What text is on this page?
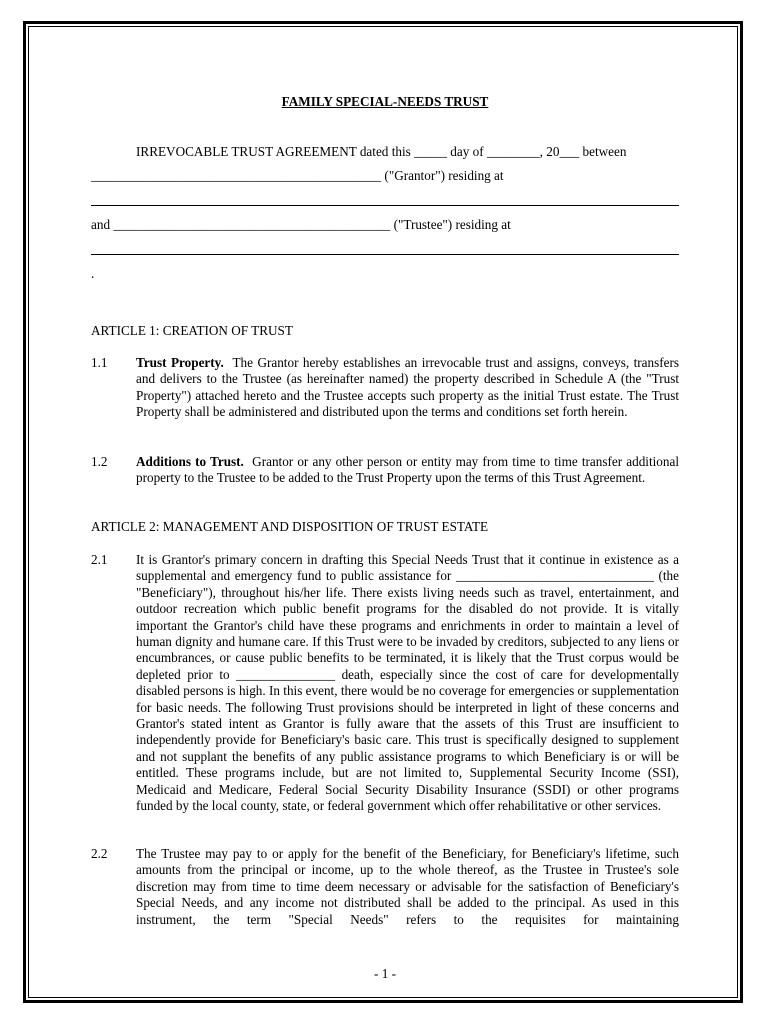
FAMILY SPECIAL-NEEDS TRUST
IRREVOCABLE TRUST AGREEMENT dated this _____ day of ________, 20___ between
____________________________________________ ("Grantor") residing at
and __________________________________________ ("Trustee") residing at
.
ARTICLE 1: CREATION OF TRUST
1.1 Trust Property. The Grantor hereby establishes an irrevocable trust and assigns, conveys, transfers and delivers to the Trustee (as hereinafter named) the property described in Schedule A (the "Trust Property") attached hereto and the Trustee accepts such property as the initial Trust estate. The Trust Property shall be administered and distributed upon the terms and conditions set forth herein.
1.2 Additions to Trust. Grantor or any other person or entity may from time to time transfer additional property to the Trustee to be added to the Trust Property upon the terms of this Trust Agreement.
ARTICLE 2: MANAGEMENT AND DISPOSITION OF TRUST ESTATE
2.1 It is Grantor's primary concern in drafting this Special Needs Trust that it continue in existence as a supplemental and emergency fund to public assistance for ______________________________ (the "Beneficiary"), throughout his/her life. There exists living needs such as travel, entertainment, and outdoor recreation which public benefit programs for the disabled do not provide. It is vitally important the Grantor's child have these programs and enrichments in order to maintain a level of human dignity and humane care. If this Trust were to be invaded by creditors, subjected to any liens or encumbrances, or cause public benefits to be terminated, it is likely that the Trust corpus would be depleted prior to _______________ death, especially since the cost of care for developmentally disabled persons is high. In this event, there would be no coverage for emergencies or supplementation for basic needs. The following Trust provisions should be interpreted in light of these concerns and Grantor's stated intent as Grantor is fully aware that the assets of this Trust are insufficient to independently provide for Beneficiary's basic care. This trust is specifically designed to supplement and not supplant the benefits of any public assistance programs to which Beneficiary is or will be entitled. These programs include, but are not limited to, Supplemental Security Income (SSI), Medicaid and Medicare, Federal Social Security Disability Insurance (SSDI) or other programs funded by the local county, state, or federal government which offer rehabilitative or other services.
2.2 The Trustee may pay to or apply for the benefit of the Beneficiary, for Beneficiary's lifetime, such amounts from the principal or income, up to the whole thereof, as the Trustee in Trustee's sole discretion may from time to time deem necessary or advisable for the satisfaction of Beneficiary's Special Needs, and any income not distributed shall be added to the principal. As used in this instrument, the term "Special Needs" refers to the requisites for maintaining
- 1 -
